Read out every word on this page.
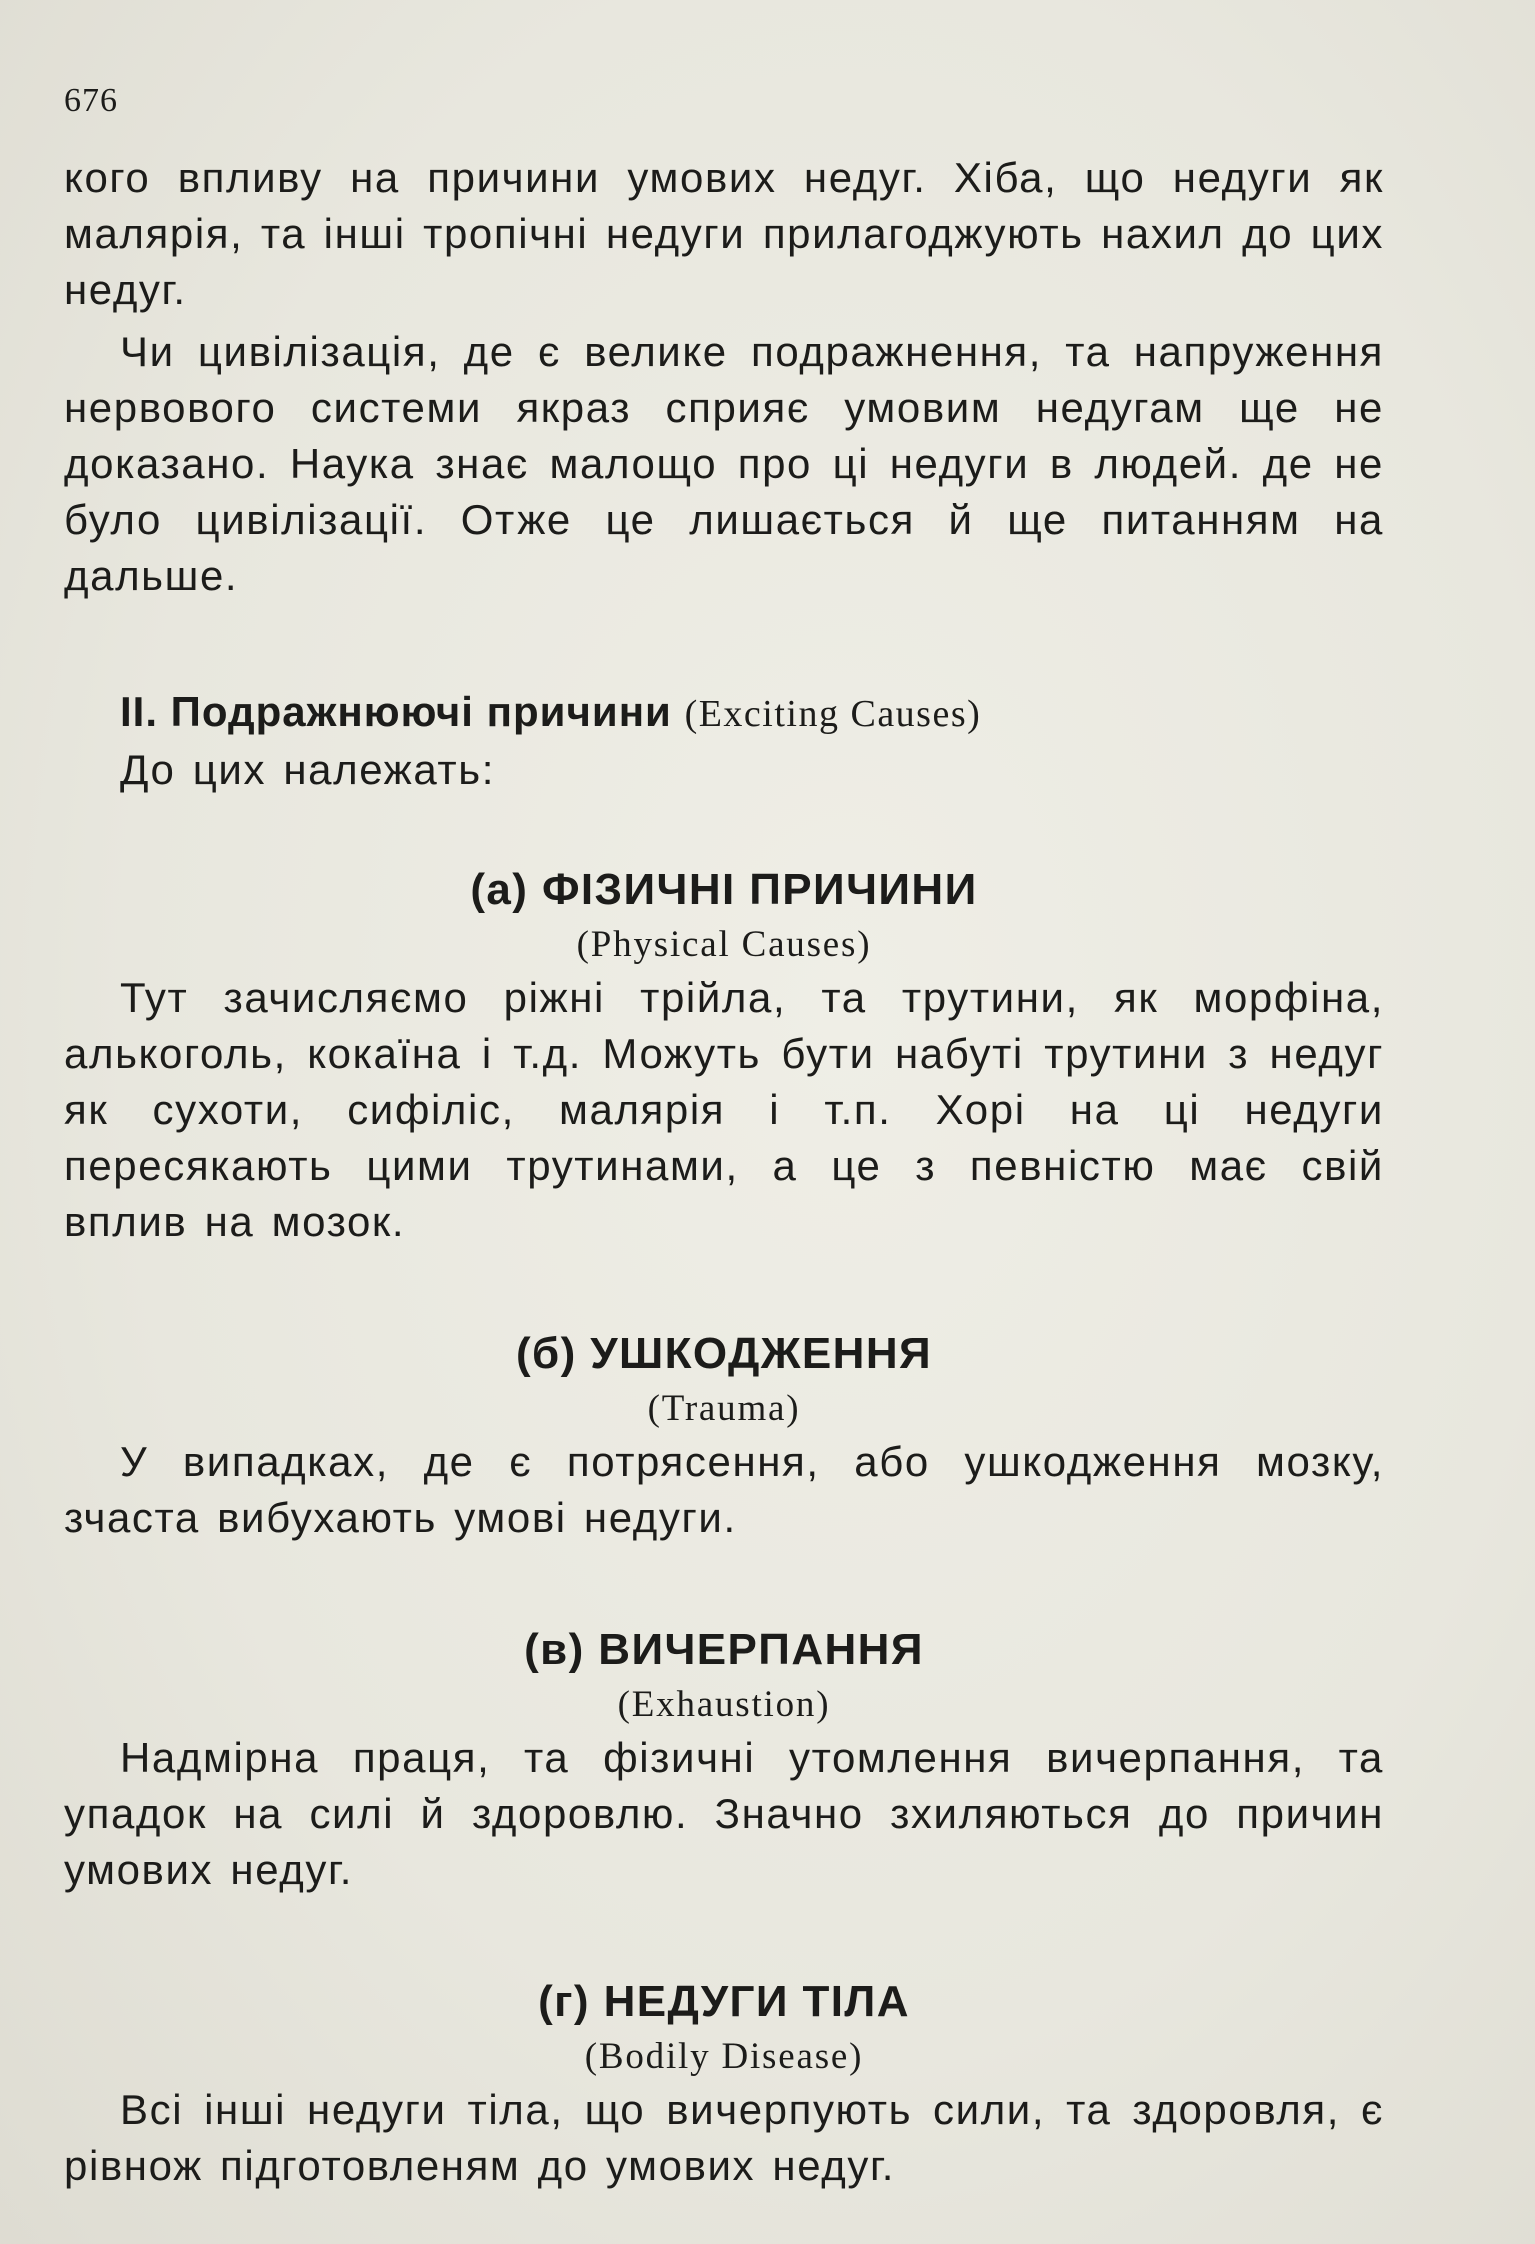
676

кого впливу на причини умових недуг. Хіба, що недуги як малярія, та інші тропічні недуги прилагоджують нахил до цих недуг.

Чи цивілізація, де є велике подражнення, та напруження нервового системи якраз сприяє умовим недугам ще не доказано. Наука знає малощо про ці недуги в людей. де не було цивілізації. Отже це лишається й ще питанням на дальше.

II. Подражнюючі причини (Exciting Causes)

До цих належать:

(а) ФІЗИЧНІ ПРИЧИНИ

(Physical Causes)

Тут зачисляємо ріжні трійла, та трутини, як морфіна, алькоголь, кокаїна і т.д. Можуть бути набуті трутини з недуг як сухоти, сифіліс, малярія і т.п. Хорі на ці недуги пересякають цими трутинами, а це з певністю має свій вплив на мозок.

(б) УШКОДЖЕННЯ

(Trauma)

У випадках, де є потрясення, або ушкодження мозку, зчаста вибухають умові недуги.

(в) ВИЧЕРПАННЯ

(Exhaustion)

Надмірна праця, та фізичні утомлення вичерпання, та упадок на силі й здоровлю. Значно зхиляються до причин умових недуг.

(г) НЕДУГИ ТІЛА

(Bodily Disease)

Всі інші недуги тіла, що вичерпують сили, та здоровля, є рівнож підготовленям до умових недуг.
